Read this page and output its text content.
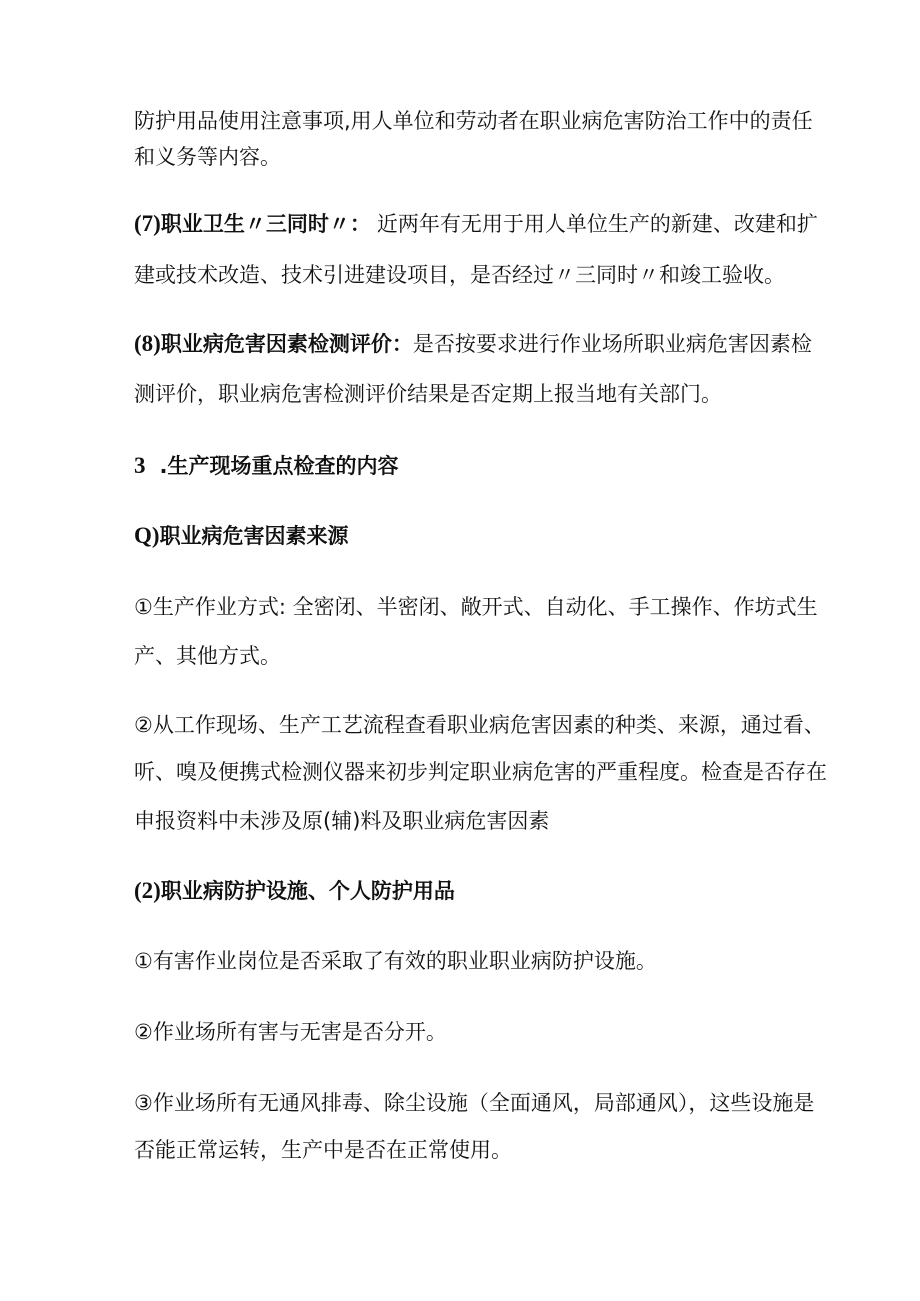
防护用品使用注意事项,用人单位和劳动者在职业病危害防治工作中的责任
和义务等内容。
(7)职业卫生〃三同时〃： 近两年有无用于用人单位生产的新建、改建和扩
建或技术改造、技术引进建设项目，是否经过〃三同时〃和竣工验收。
(8)职业病危害因素检测评价：是否按要求进行作业场所职业病危害因素检
测评价，职业病危害检测评价结果是否定期上报当地有关部门。
3 .生产现场重点检查的内容
Q)职业病危害因素来源
①生产作业方式: 全密闭、半密闭、敞开式、自动化、手工操作、作坊式生
产、其他方式。
②从工作现场、生产工艺流程查看职业病危害因素的种类、来源，通过看、
听、嗅及便携式检测仪器来初步判定职业病危害的严重程度。检查是否存在
申报资料中未涉及原(辅)料及职业病危害因素
(2)职业病防护设施、个人防护用品
①有害作业岗位是否采取了有效的职业职业病防护设施。
②作业场所有害与无害是否分开。
③作业场所有无通风排毒、除尘设施（全面通风，局部通风），这些设施是
否能正常运转，生产中是否在正常使用。
